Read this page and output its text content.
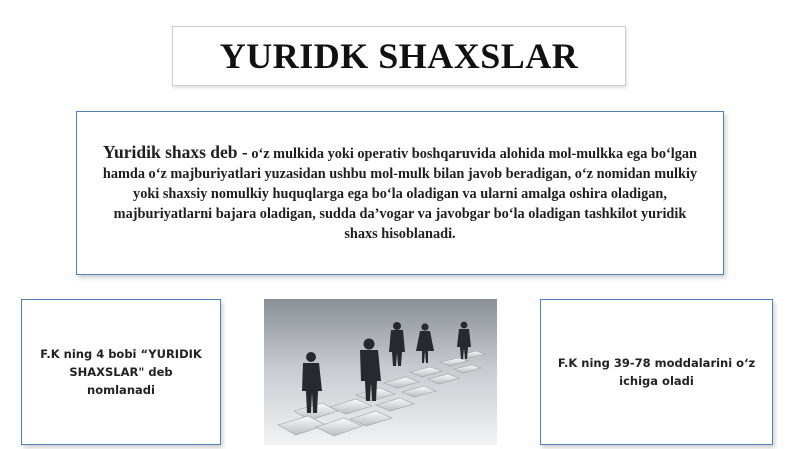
YURIDK SHAXSLAR

Yuridik shaxs deb - o‘z mulkida yoki operativ boshqaruvida alohida mol-mulkka ega bo‘lgan hamda o‘z majburiyatlari yuzasidan ushbu mol-mulk bilan javob beradigan, o‘z nomidan mulkiy yoki shaxsiy nomulkiy huquqlarga ega bo‘la oladigan va ularni amalga oshira oladigan, majburiyatlarni bajara oladigan, sudda da’vogar va javobgar bo‘la oladigan tashkilot yuridik shaxs hisoblanadi.

F.K ning 4 bobi “YURIDIK SHAXSLAR" deb nomlanadi
F.K ning 39-78 moddalarini o‘z ichiga oladi
